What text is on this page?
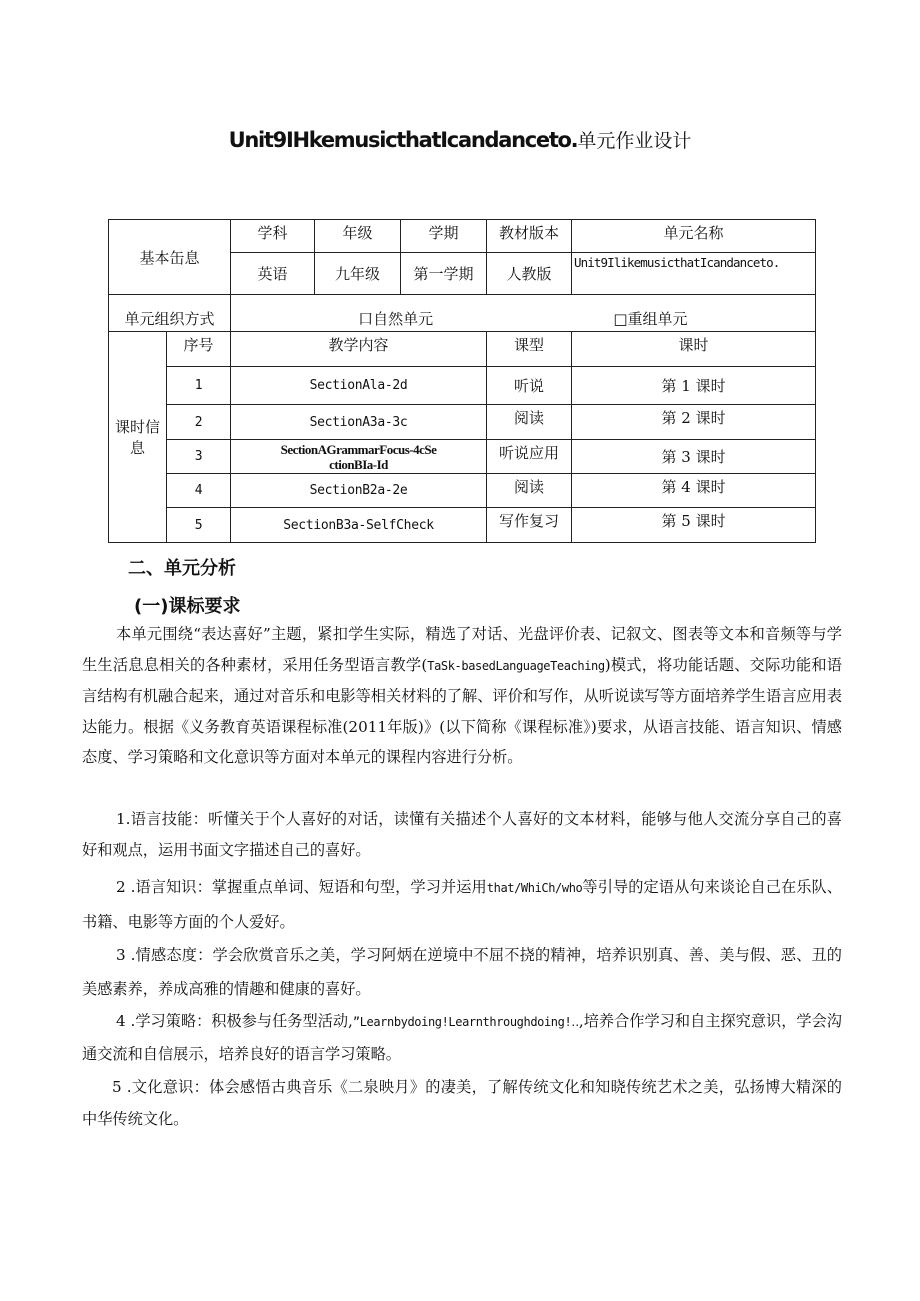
Unit9IHkemusicthatIcandanceto.单元作业设计
基本缶息		学科	年级	学期	教材版本	单元名称
		英语	九年级	第一学期	人教版	Unit9IlikemusicthatIcandanceto.
单元组织方式		口自然单元 □重组单元				
课时信息	序号	教学内容			课型	课时
	1	SectionAla-2d			听说	第 1 课时
	2	SectionA3a-3c			阅读	第 2 课时
	3	SectionAGrammarFocus-4cSectionBIa-Id			听说应用	第 3 课时
	4	SectionB2a-2e			阅读	第 4 课时
	5	SectionB3a-SelfCheck			写作复习	第 5 课时
二、单元分析
(一)课标要求

本单元围绕“表达喜好”主题，紧扣学生实际，精选了对话、光盘评价表、记叙文、图表等文本和音频等与学生生活息息相关的各种素材，采用任务型语言教学(TaSk-basedLanguageTeaching)模式，将功能话题、交际功能和语言结构有机融合起来，通过对音乐和电影等相关材料的了解、评价和写作，从听说读写等方面培养学生语言应用表达能力。根据《义务教育英语课程标准(2011年版)》(以下简称《课程标准》)要求，从语言技能、语言知识、情感态度、学习策略和文化意识等方面对本单元的课程内容进行分析。

1.语言技能：听懂关于个人喜好的对话，读懂有关描述个人喜好的文本材料，能够与他人交流分享自己的喜好和观点，运用书面文字描述自己的喜好。

2 .语言知识：掌握重点单词、短语和句型，学习并运用that/WhiCh/who等引导的定语从句来谈论自己在乐队、书籍、电影等方面的个人爱好。

3 .情感态度：学会欣赏音乐之美，学习阿炳在逆境中不屈不挠的精神，培养识别真、善、美与假、恶、丑的美感素养，养成高雅的情趣和健康的喜好。

4 .学习策略：积极参与任务型活动,”Learnbydoing!Learnthroughdoing!‥,培养合作学习和自主探究意识，学会沟通交流和自信展示，培养良好的语言学习策略。

5 .文化意识：体会感悟古典音乐《二泉映月》的凄美，了解传统文化和知晓传统艺术之美，弘扬博大精深的中华传统文化。
